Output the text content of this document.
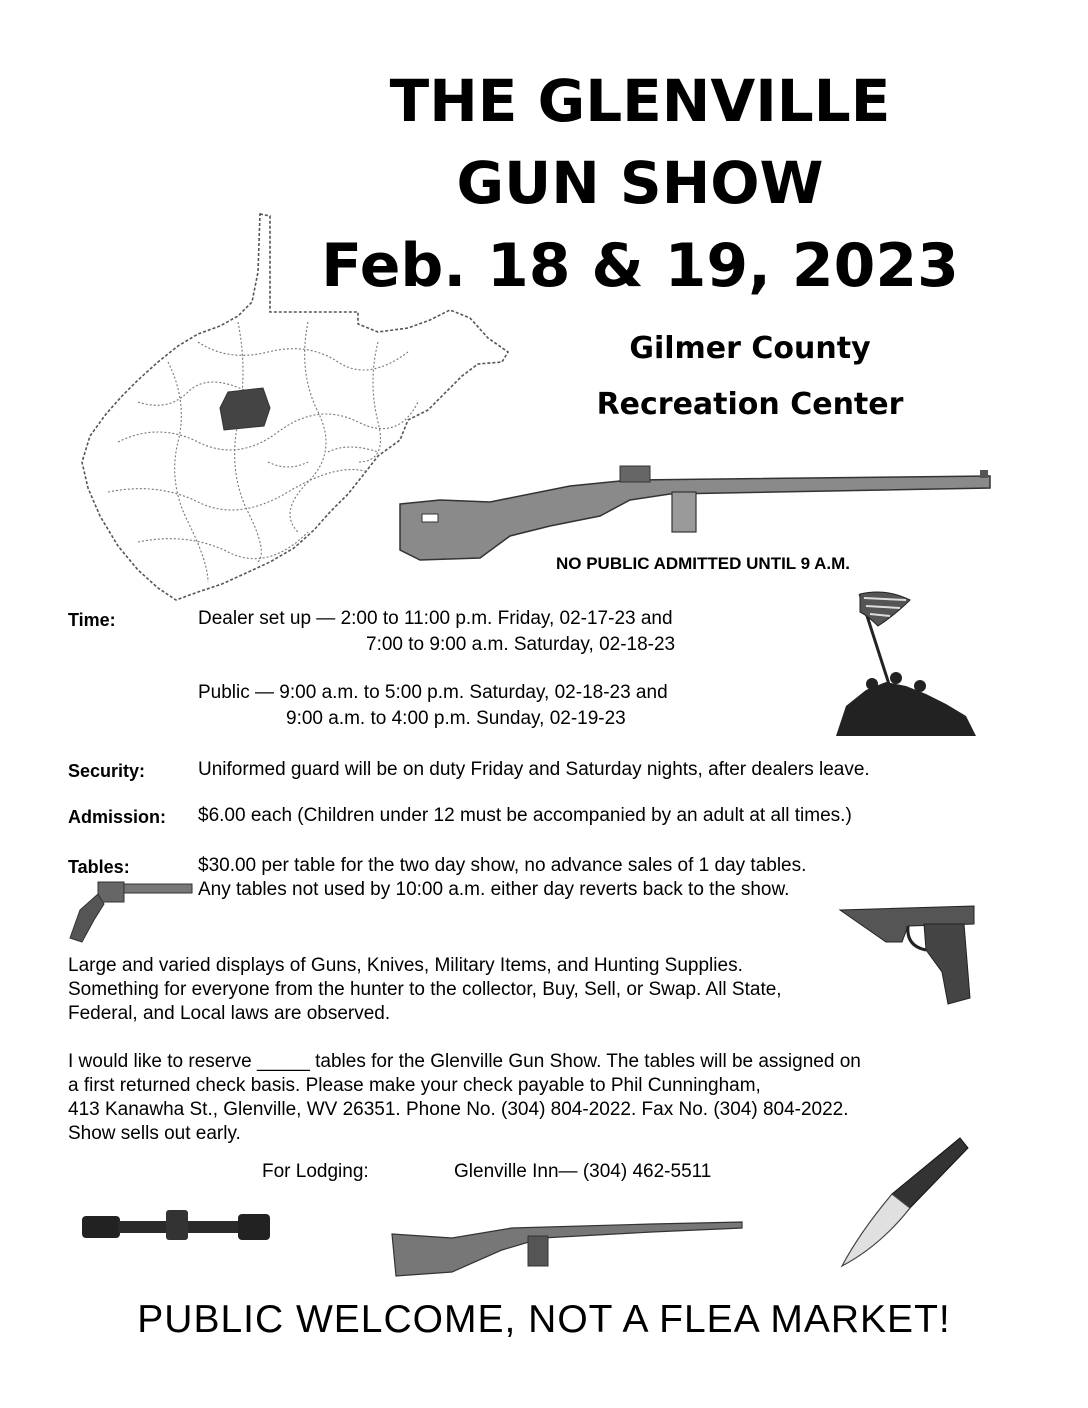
THE GLENVILLE
GUN SHOW
Feb. 18 & 19, 2023
Gilmer County
Recreation Center
NO PUBLIC ADMITTED UNTIL 9 A.M.
Time:	Dealer set up — 2:00 to 11:00 p.m. Friday, 02-17-23 and
7:00 to 9:00 a.m. Saturday, 02-18-23
Public — 9:00 a.m. to 5:00 p.m. Saturday, 02-18-23 and
9:00 a.m. to 4:00 p.m. Sunday, 02-19-23
Security:	Uniformed guard will be on duty Friday and Saturday nights, after dealers leave.
Admission: $6.00 each (Children under 12 must be accompanied by an adult at all times.)
Tables:	$30.00 per table for the two day show, no advance sales of 1 day tables.
Any tables not used by 10:00 a.m. either day reverts back to the show.
Large and varied displays of Guns, Knives, Military Items, and Hunting Supplies.
Something for everyone from the hunter to the collector, Buy, Sell, or Swap. All State,
Federal, and Local laws are observed.
I would like to reserve _____ tables for the Glenville Gun Show. The tables will be assigned on
a first returned check basis. Please make your check payable to Phil Cunningham,
413 Kanawha St., Glenville, WV 26351. Phone No. (304) 804-2022. Fax No. (304) 804-2022.
Show sells out early.
For Lodging:	Glenville Inn— (304) 462-5511
PUBLIC WELCOME, NOT A FLEA MARKET!
